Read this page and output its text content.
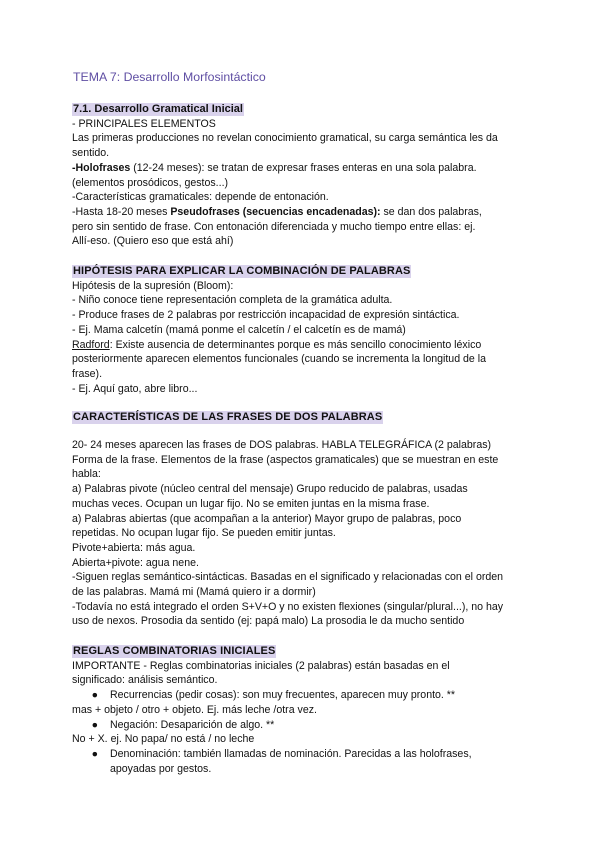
TEMA 7: Desarrollo Morfosintáctico
7.1. Desarrollo Gramatical Inicial
- PRINCIPALES ELEMENTOS
Las primeras producciones no revelan conocimiento gramatical, su carga semántica les da
sentido.
-Holofrases (12-24 meses): se tratan de expresar frases enteras en una sola palabra.
(elementos prosódicos, gestos...)
-Características gramaticales: depende de entonación.
-Hasta 18-20 meses Pseudofrases (secuencias encadenadas): se dan dos palabras,
pero sin sentido de frase. Con entonación diferenciada y mucho tiempo entre ellas: ej.
Allí-eso. (Quiero eso que está ahí)
HIPÓTESIS PARA EXPLICAR LA COMBINACIÓN DE PALABRAS
Hipótesis de la supresión (Bloom):
- Niño conoce tiene representación completa de la gramática adulta.
- Produce frases de 2 palabras por restricción incapacidad de expresión sintáctica.
- Ej. Mama calcetín (mamá ponme el calcetín / el calcetín es de mamá)
Radford: Existe ausencia de determinantes porque es más sencillo conocimiento léxico
posteriormente aparecen elementos funcionales (cuando se incrementa la longitud de la
frase).
- Ej. Aquí gato, abre libro...
CARACTERÍSTICAS DE LAS FRASES DE DOS PALABRAS
20- 24 meses aparecen las frases de DOS palabras. HABLA TELEGRÁFICA (2 palabras)
Forma de la frase. Elementos de la frase (aspectos gramaticales) que se muestran en este
habla:
a) Palabras pivote (núcleo central del mensaje) Grupo reducido de palabras, usadas
muchas veces. Ocupan un lugar fijo. No se emiten juntas en la misma frase.
a) Palabras abiertas (que acompañan a la anterior) Mayor grupo de palabras, poco
repetidas. No ocupan lugar fijo. Se pueden emitir juntas.
Pivote+abierta: más agua.
Abierta+pivote: agua nene.
-Siguen reglas semántico-sintácticas. Basadas en el significado y relacionadas con el orden
de las palabras. Mamá mi (Mamá quiero ir a dormir)
-Todavía no está integrado el orden S+V+O y no existen flexiones (singular/plural...), no hay
uso de nexos. Prosodia da sentido (ej: papá malo) La prosodia le da mucho sentido
REGLAS COMBINATORIAS INICIALES
IMPORTANTE - Reglas combinatorias iniciales (2 palabras) están basadas en el
significado: análisis semántico.
●	Recurrencias (pedir cosas): son muy frecuentes, aparecen muy pronto. **
mas + objeto / otro + objeto. Ej. más leche /otra vez.
●	Negación: Desaparición de algo. **
No + X. ej. No papa/ no está / no leche
●	Denominación: también llamadas de nominación. Parecidas a las holofrases,
apoyadas por gestos.
